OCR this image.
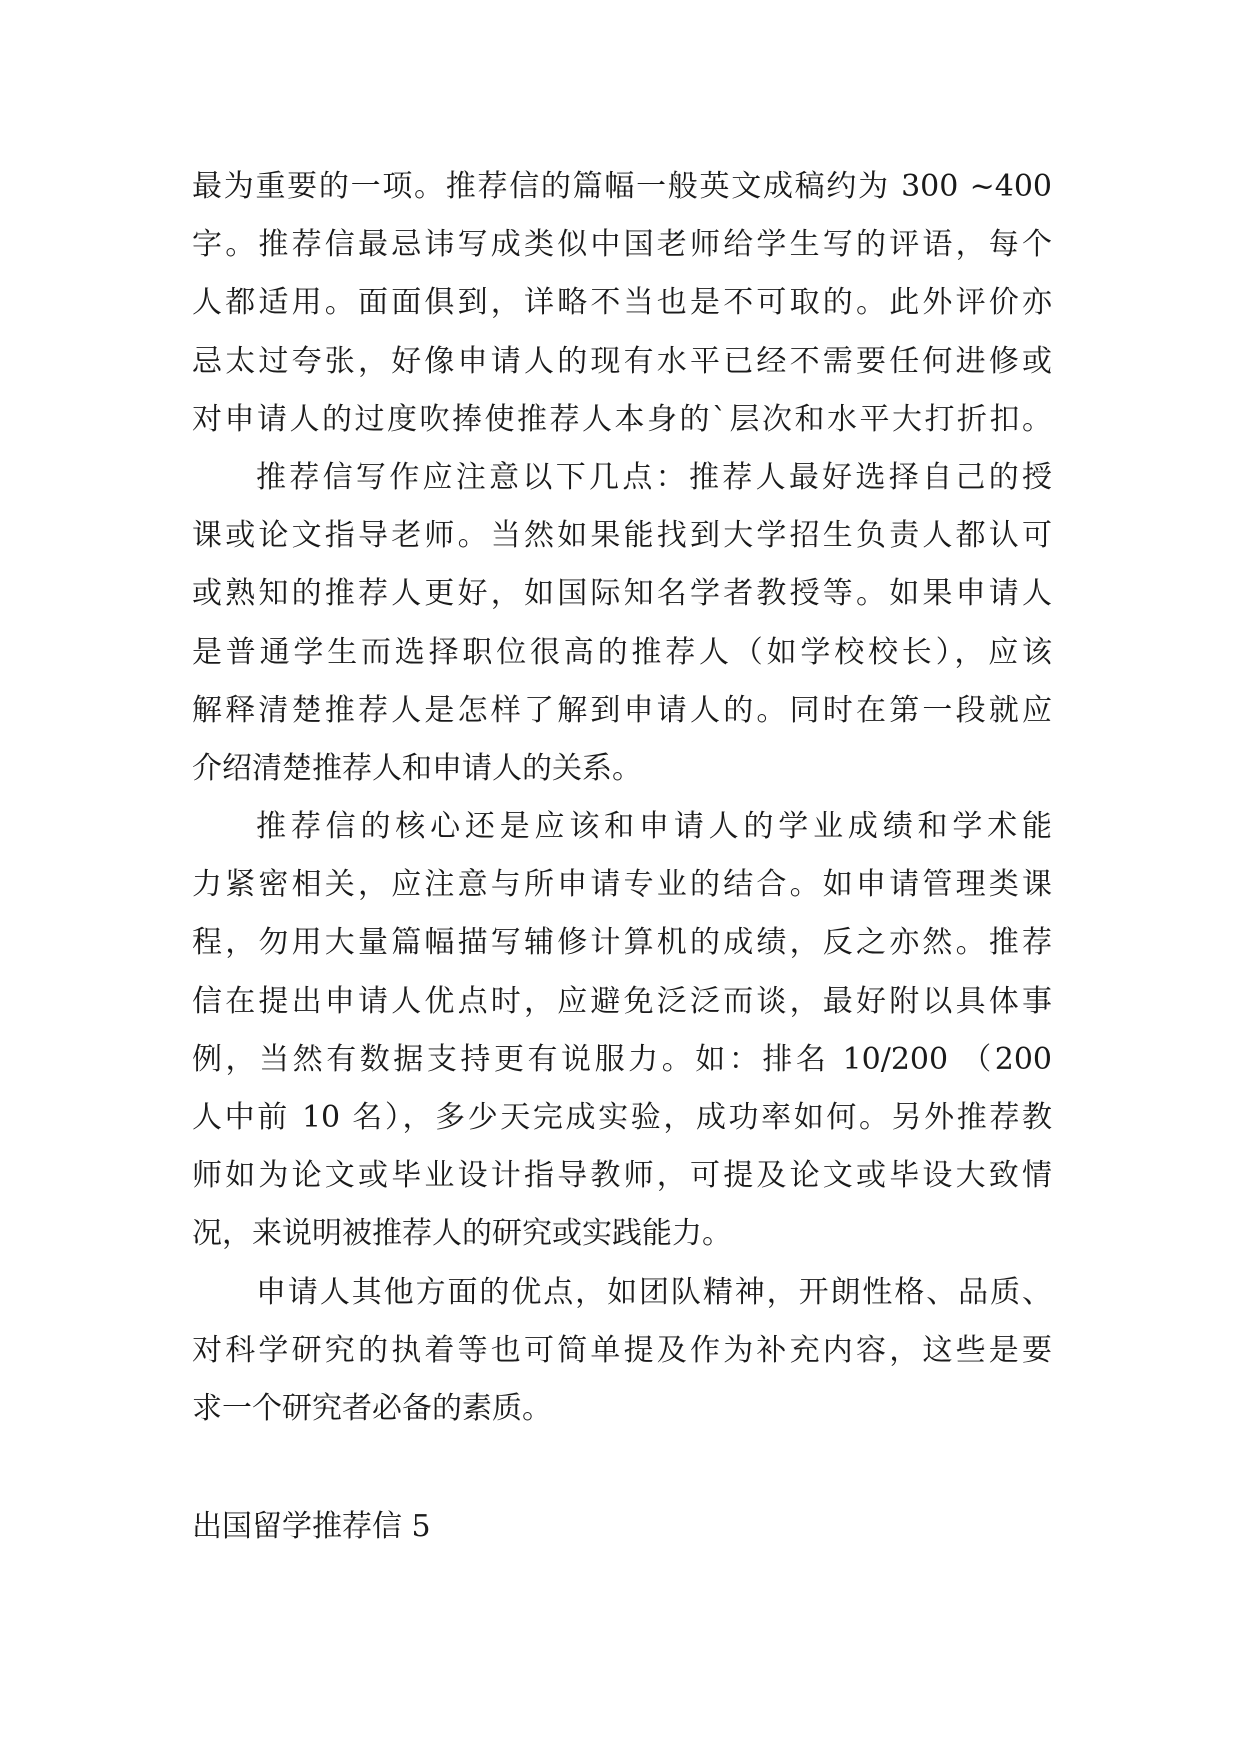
最为重要的一项。推荐信的篇幅一般英文成稿约为 300 ~400
字。推荐信最忌讳写成类似中国老师给学生写的评语，每个
人都适用。面面俱到，详略不当也是不可取的。此外评价亦
忌太过夸张，好像申请人的现有水平已经不需要任何进修或
对申请人的过度吹捧使推荐人本身的`层次和水平大打折扣。
推荐信写作应注意以下几点：推荐人最好选择自己的授
课或论文指导老师。当然如果能找到大学招生负责人都认可
或熟知的推荐人更好，如国际知名学者教授等。如果申请人
是普通学生而选择职位很高的推荐人（如学校校长），应该
解释清楚推荐人是怎样了解到申请人的。同时在第一段就应
介绍清楚推荐人和申请人的关系。
推荐信的核心还是应该和申请人的学业成绩和学术能
力紧密相关，应注意与所申请专业的结合。如申请管理类课
程，勿用大量篇幅描写辅修计算机的成绩，反之亦然。推荐
信在提出申请人优点时，应避免泛泛而谈，最好附以具体事
例，当然有数据支持更有说服力。如：排名 10/200 （200
人中前 10 名），多少天完成实验，成功率如何。另外推荐教
师如为论文或毕业设计指导教师，可提及论文或毕设大致情
况，来说明被推荐人的研究或实践能力。
申请人其他方面的优点，如团队精神，开朗性格、品质、
对科学研究的执着等也可简单提及作为补充内容，这些是要
求一个研究者必备的素质。
出国留学推荐信 5
